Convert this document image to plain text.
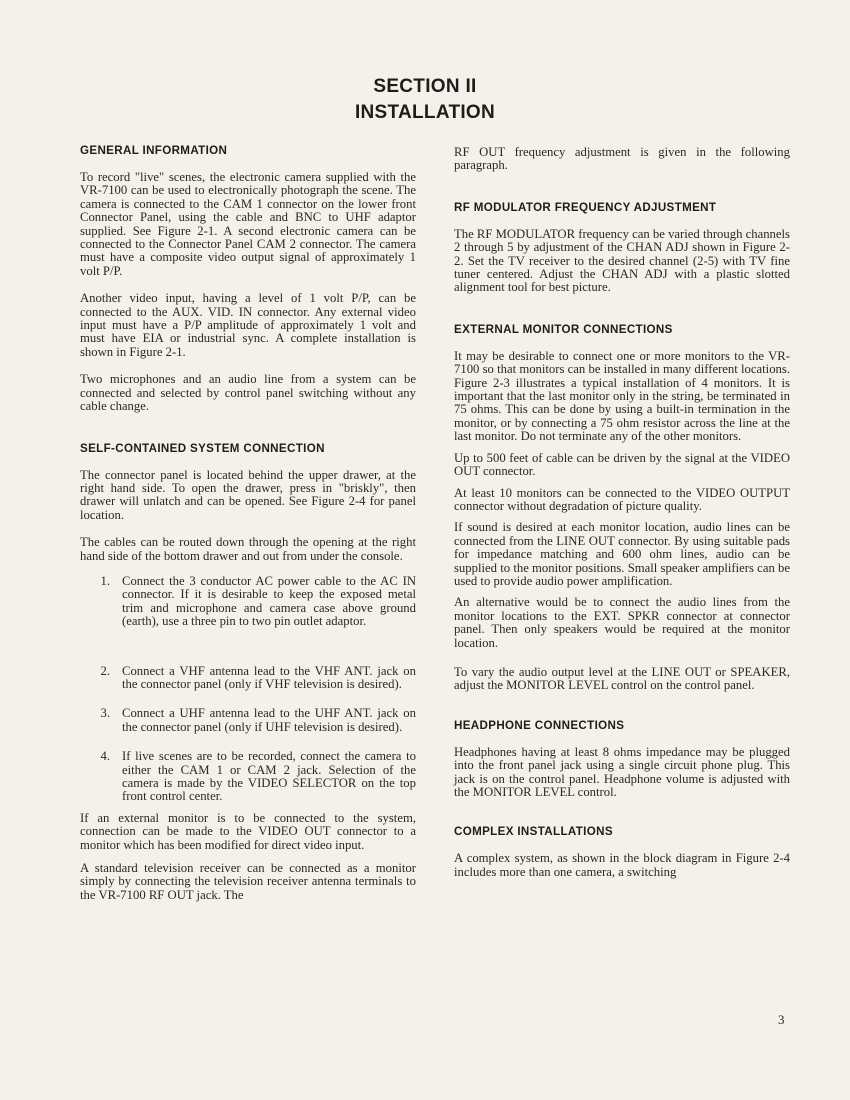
SECTION II
INSTALLATION
GENERAL INFORMATION

To record "live" scenes, the electronic camera supplied with the VR-7100 can be used to electronically photograph the scene. The camera is connected to the CAM 1 connector on the lower front Connector Panel, using the cable and BNC to UHF adaptor supplied. See Figure 2-1. A second electronic camera can be connected to the Connector Panel CAM 2 connector. The camera must have a composite video output signal of approximately 1 volt P/P.

Another video input, having a level of 1 volt P/P, can be connected to the AUX. VID. IN connector. Any external video input must have a P/P amplitude of approximately 1 volt and must have EIA or industrial sync. A complete installation is shown in Figure 2-1.

Two microphones and an audio line from a system can be connected and selected by control panel switching without any cable change.

SELF-CONTAINED SYSTEM CONNECTION

The connector panel is located behind the upper drawer, at the right hand side. To open the drawer, press in "briskly", then drawer will unlatch and can be opened. See Figure 2-4 for panel location.

The cables can be routed down through the opening at the right hand side of the bottom drawer and out from under the console.

1. Connect the 3 conductor AC power cable to the AC IN connector. If it is desirable to keep the exposed metal trim and microphone and camera case above ground (earth), use a three pin to two pin outlet adaptor.

2. Connect a VHF antenna lead to the VHF ANT. jack on the connector panel (only if VHF television is desired).

3. Connect a UHF antenna lead to the UHF ANT. jack on the connector panel (only if UHF television is desired).

4. If live scenes are to be recorded, connect the camera to either the CAM 1 or CAM 2 jack. Selection of the camera is made by the VIDEO SELECTOR on the top front control center.

If an external monitor is to be connected to the system, connection can be made to the VIDEO OUT connector to a monitor which has been modified for direct video input.

A standard television receiver can be connected as a monitor simply by connecting the television receiver antenna terminals to the VR-7100 RF OUT jack. The

RF OUT frequency adjustment is given in the following paragraph.

RF MODULATOR FREQUENCY ADJUSTMENT

The RF MODULATOR frequency can be varied through channels 2 through 5 by adjustment of the CHAN ADJ shown in Figure 2-2. Set the TV receiver to the desired channel (2-5) with TV fine tuner centered. Adjust the CHAN ADJ with a plastic slotted alignment tool for best picture.

EXTERNAL MONITOR CONNECTIONS

It may be desirable to connect one or more monitors to the VR-7100 so that monitors can be installed in many different locations. Figure 2-3 illustrates a typical installation of 4 monitors. It is important that the last monitor only in the string, be terminated in 75 ohms. This can be done by using a built-in termination in the monitor, or by connecting a 75 ohm resistor across the line at the last monitor. Do not terminate any of the other monitors.

Up to 500 feet of cable can be driven by the signal at the VIDEO OUT connector.

At least 10 monitors can be connected to the VIDEO OUTPUT connector without degradation of picture quality.

If sound is desired at each monitor location, audio lines can be connected from the LINE OUT connector. By using suitable pads for impedance matching and 600 ohm lines, audio can be supplied to the monitor positions. Small speaker amplifiers can be used to provide audio power amplification.

An alternative would be to connect the audio lines from the monitor locations to the EXT. SPKR connector at connector panel. Then only speakers would be required at the monitor location.

To vary the audio output level at the LINE OUT or SPEAKER, adjust the MONITOR LEVEL control on the control panel.

HEADPHONE CONNECTIONS

Headphones having at least 8 ohms impedance may be plugged into the front panel jack using a single circuit phone plug. This jack is on the control panel. Headphone volume is adjusted with the MONITOR LEVEL control.

COMPLEX INSTALLATIONS

A complex system, as shown in the block diagram in Figure 2-4 includes more than one camera, a switching

3
